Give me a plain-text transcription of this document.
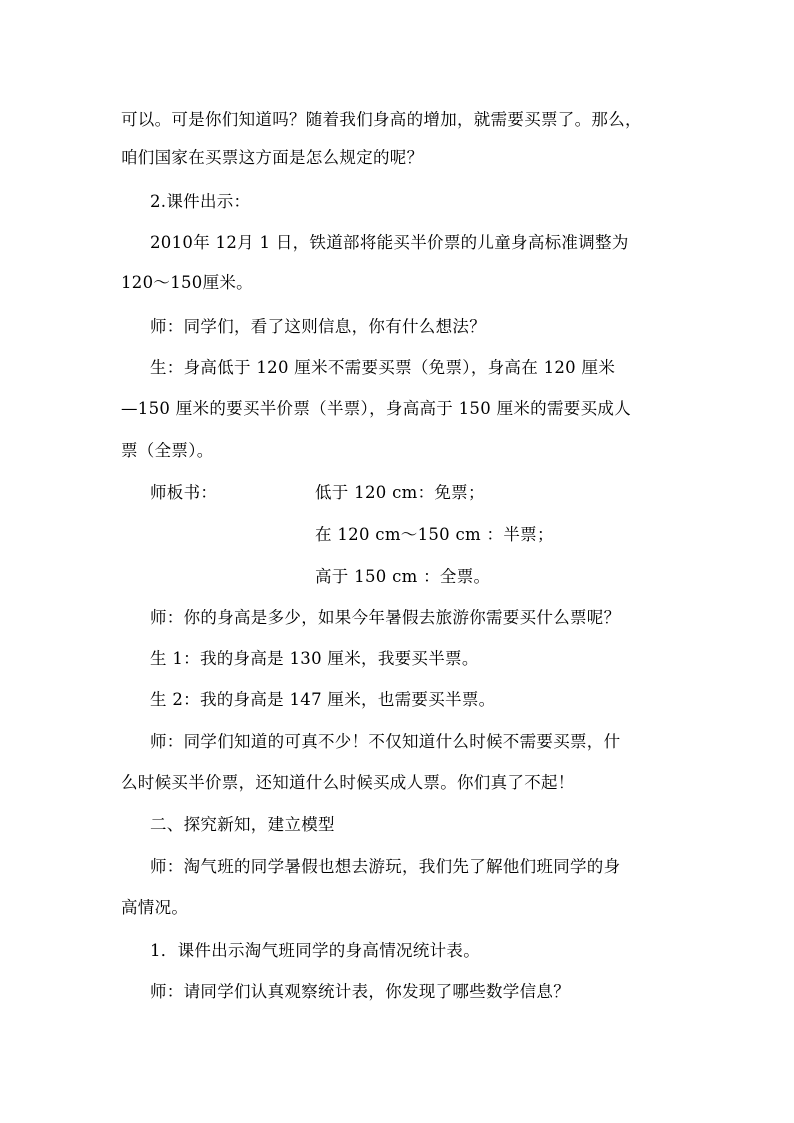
可以。可是你们知道吗？随着我们身高的增加，就需要买票了。那么，
咱们国家在买票这方面是怎么规定的呢？
2.课件出示：
2010年 12月 1 日，铁道部将能买半价票的儿童身高标准调整为
120～150厘米。
师：同学们，看了这则信息，你有什么想法？
生：身高低于 120 厘米不需要买票（免票），身高在 120 厘米
—150 厘米的要买半价票（半票），身高高于 150 厘米的需要买成人
票（全票）。
师板书：	低于 120 cm：免票；
在 120 cm～150 cm ：半票；
高于 150 cm ：全票。
师：你的身高是多少，如果今年暑假去旅游你需要买什么票呢？
生 1：我的身高是 130 厘米，我要买半票。
生 2：我的身高是 147 厘米，也需要买半票。
师：同学们知道的可真不少！不仅知道什么时候不需要买票，什
么时候买半价票，还知道什么时候买成人票。你们真了不起！
二、探究新知，建立模型
师：淘气班的同学暑假也想去游玩，我们先了解他们班同学的身
高情况。
1．课件出示淘气班同学的身高情况统计表。
师：请同学们认真观察统计表，你发现了哪些数学信息？
